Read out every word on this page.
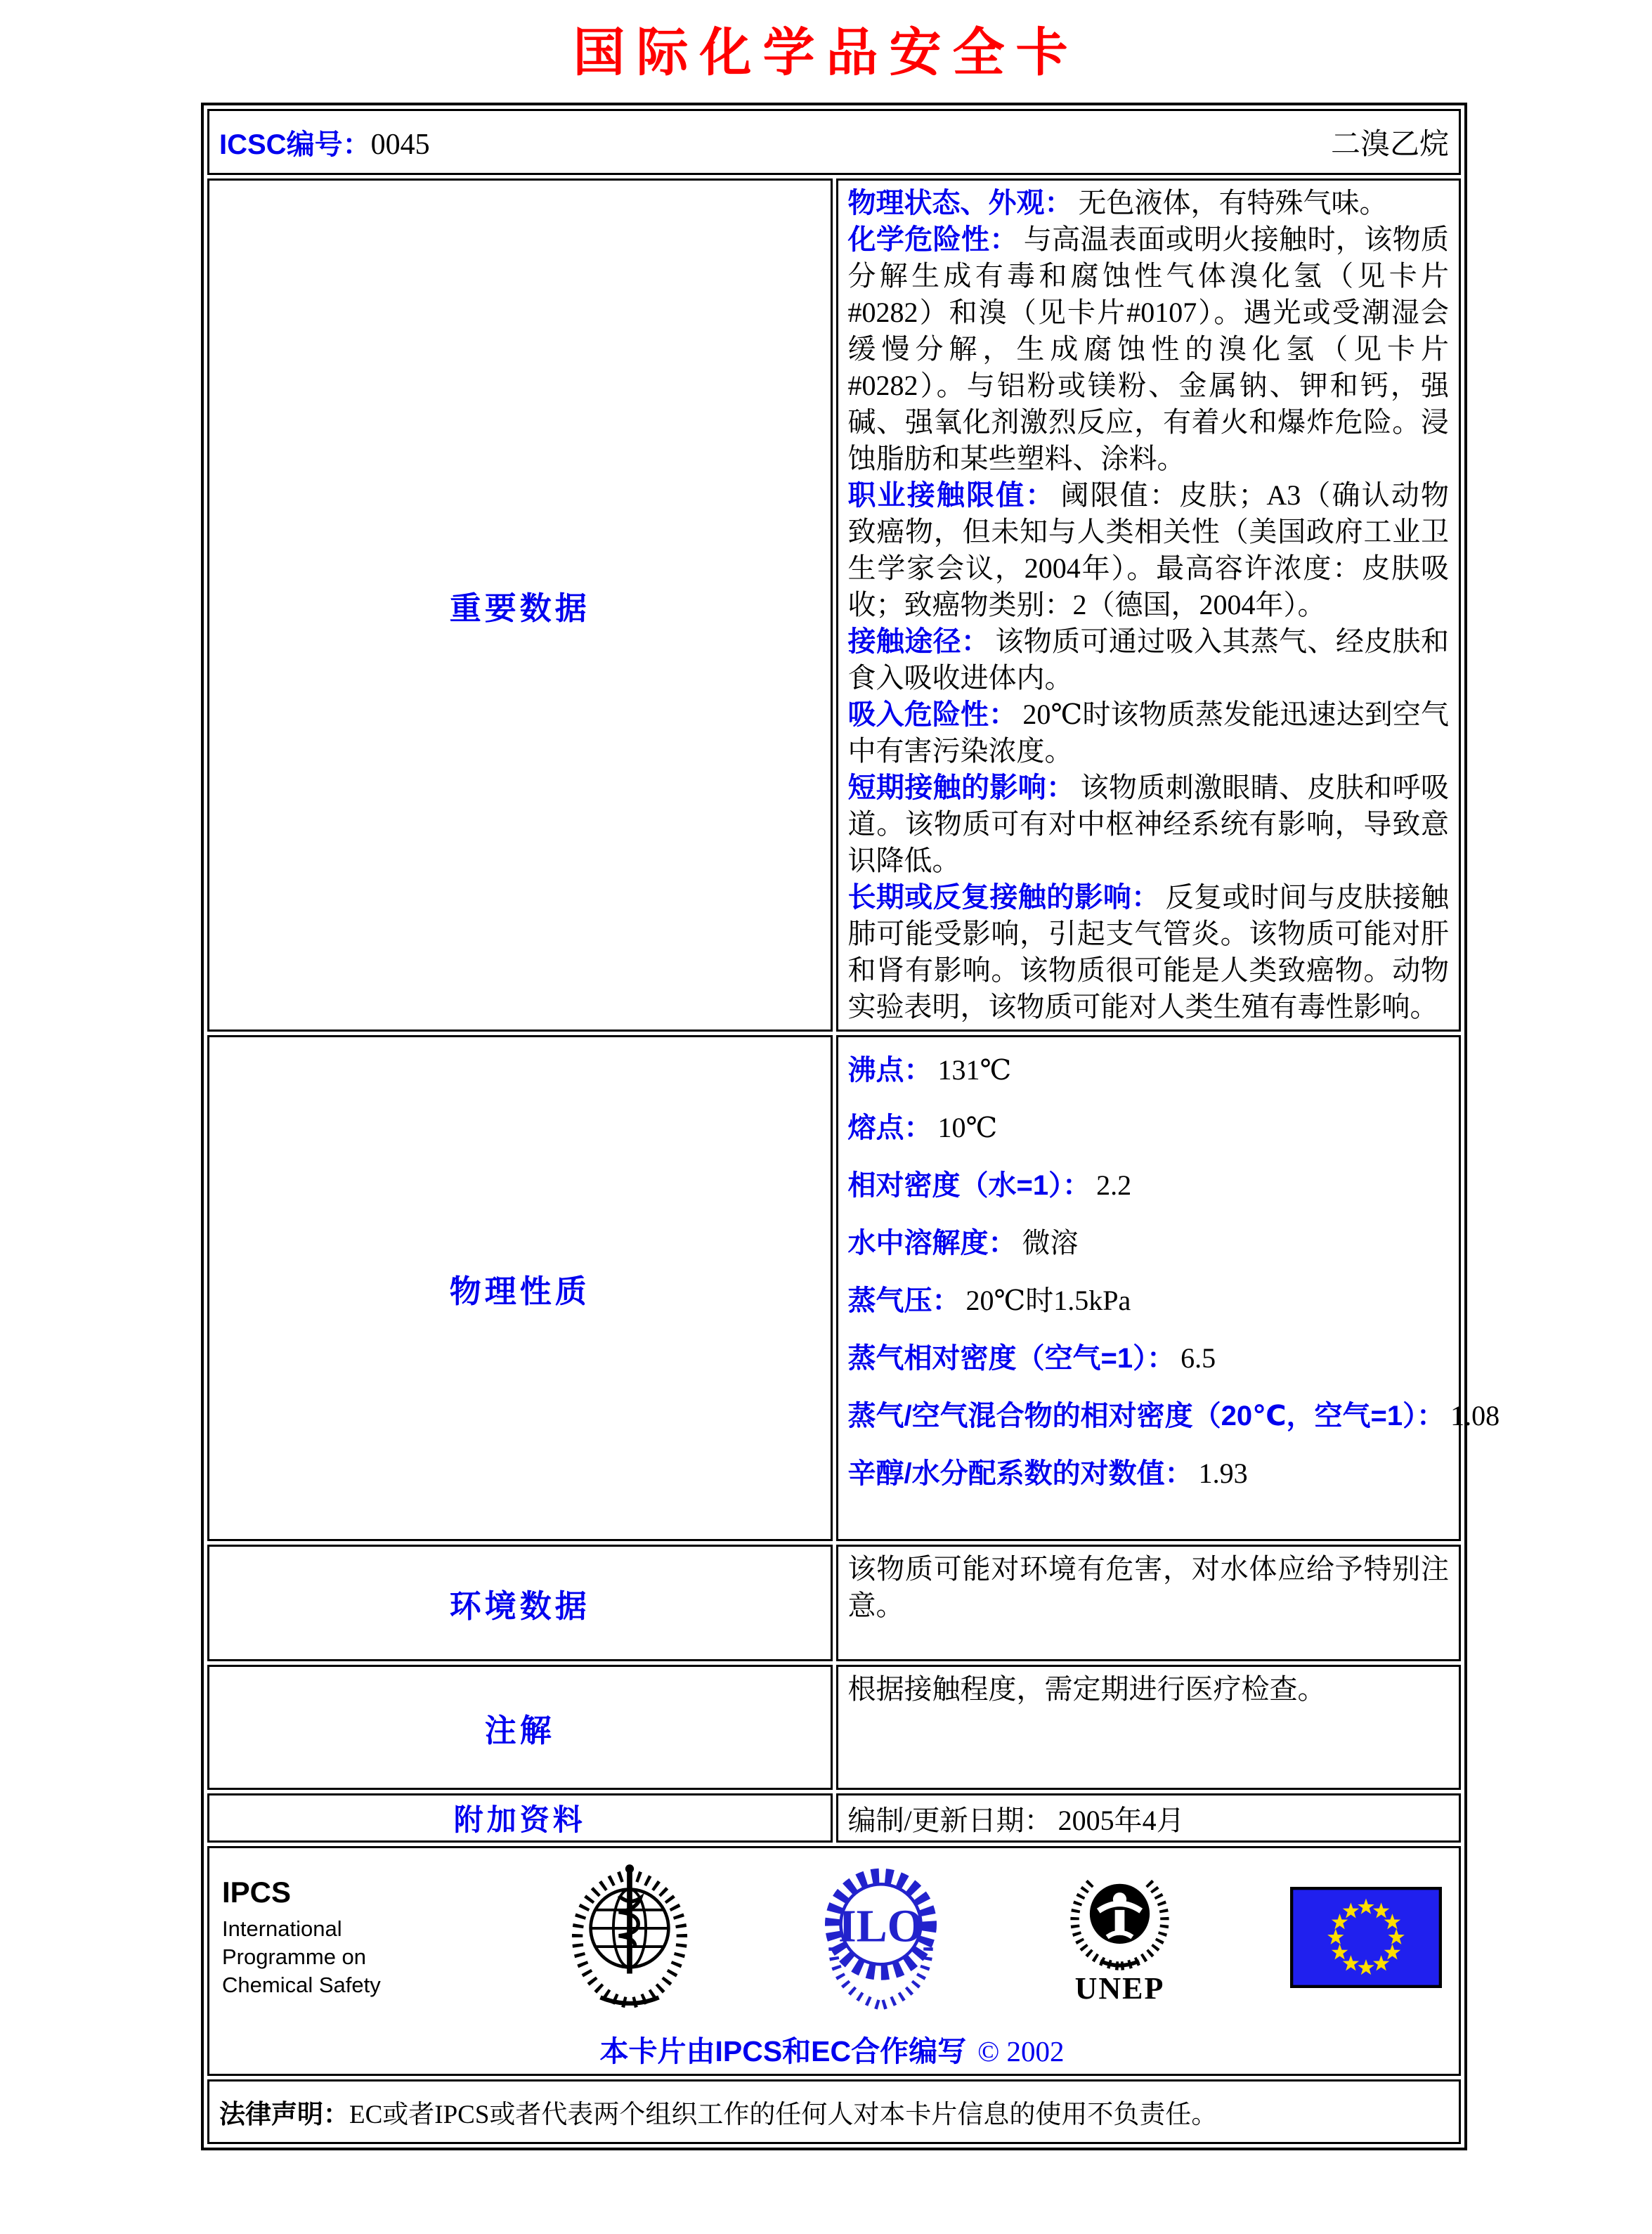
国际化学品安全卡
ICSC编号：0045 二溴乙烷	

重要数据	
物理状态、外观： 无色液体，有特殊气味。
化学危险性： 与高温表面或明火接触时，该物质分解生成有毒和腐蚀性气体溴化氢（见卡片#0282）和溴（见卡片#0107）。遇光或受潮湿会缓慢分解，生成腐蚀性的溴化氢（见卡片#0282）。与铝粉或镁粉、金属钠、钾和钙，强碱、强氧化剂激烈反应，有着火和爆炸危险。浸蚀脂肪和某些塑料、涂料。
职业接触限值： 阈限值：皮肤；A3（确认动物致癌物，但未知与人类相关性（美国政府工业卫生学家会议，2004年）。最高容许浓度：皮肤吸收；致癌物类别：2（德国，2004年）。
接触途径： 该物质可通过吸入其蒸气、经皮肤和食入吸收进体内。
吸入危险性： 20℃时该物质蒸发能迅速达到空气中有害污染浓度。
短期接触的影响： 该物质刺激眼睛、皮肤和呼吸道。该物质可有对中枢神经系统有影响，导致意识降低。
长期或反复接触的影响： 反复或时间与皮肤接触肺可能受影响，引起支气管炎。该物质可能对肝和肾有影响。该物质很可能是人类致癌物。动物实验表明，该物质可能对人类生殖有毒性影响。

物理性质	
沸点： 131℃
熔点： 10℃
相对密度（水=1）： 2.2
水中溶解度： 微溶
蒸气压： 20℃时1.5kPa
蒸气相对密度（空气=1）： 6.5
蒸气/空气混合物的相对密度（20℃，空气=1）： 1.08
辛醇/水分配系数的对数值： 1.93

环境数据	该物质可能对环境有危害，对水体应给予特别注意。

注解	根据接触程度，需定期进行医疗检查。

附加资料	编制/更新日期： 2005年4月

IPCS
International
Programme on
Chemical Safety
ILO
UNEP
本卡片由IPCS和EC合作编写 © 2002

法律声明：EC或者IPCS或者代表两个组织工作的任何人对本卡片信息的使用不负责任。	
